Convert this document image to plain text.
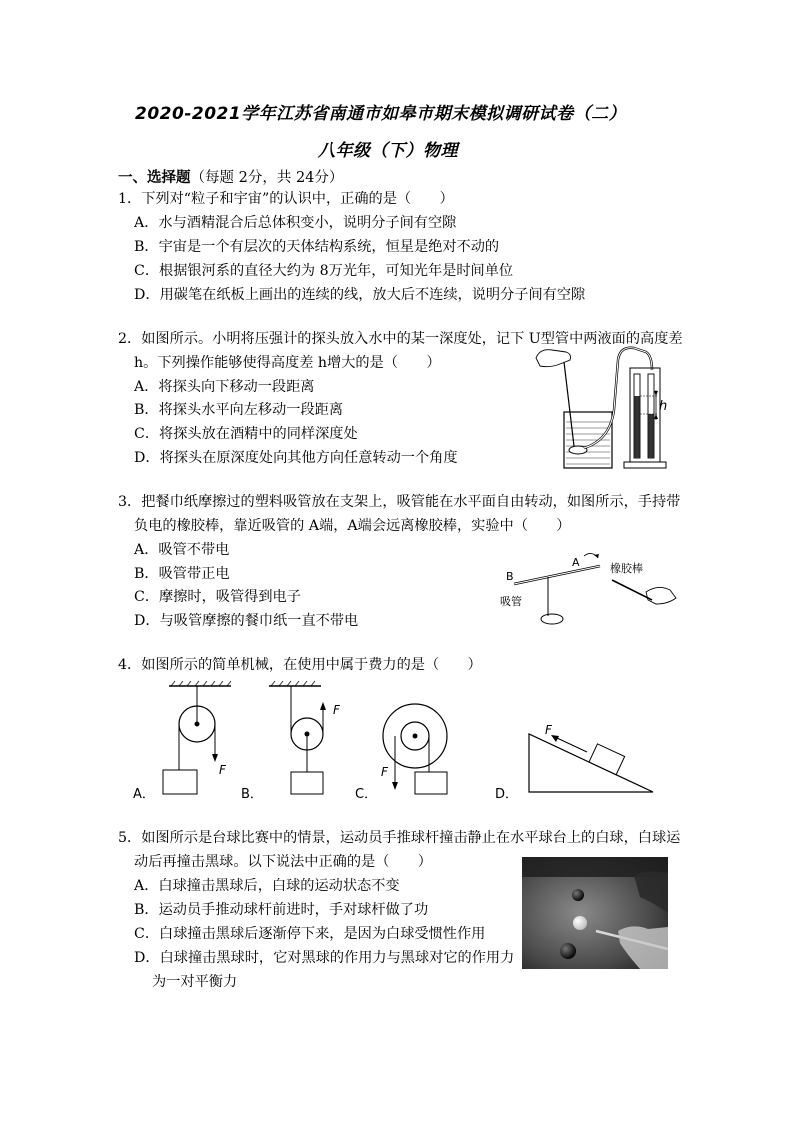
2020-2021学年江苏省南通市如皋市期末模拟调研试卷（二）
八年级（下）物理
一、选择题（每题 2分，共 24分）
1．下列对“粒子和宇宙”的认识中，正确的是（　　）
A．水与酒精混合后总体积变小，说明分子间有空隙
B．宇宙是一个有层次的天体结构系统，恒星是绝对不动的
C．根据银河系的直径大约为 8万光年，可知光年是时间单位
D．用碳笔在纸板上画出的连续的线，放大后不连续，说明分子间有空隙
2．如图所示。小明将压强计的探头放入水中的某一深度处，记下 U型管中两液面的高度差
h。下列操作能够使得高度差 h增大的是（　　）
A．将探头向下移动一段距离
B．将探头水平向左移动一段距离
C．将探头放在酒精中的同样深度处
D．将探头在原深度处向其他方向任意转动一个角度
h
3．把餐巾纸摩擦过的塑料吸管放在支架上，吸管能在水平面自由转动，如图所示，手持带
负电的橡胶棒，靠近吸管的 A端，A端会远离橡胶棒，实验中（　　）
A．吸管不带电
B．吸管带正电
C．摩擦时，吸管得到电子
D．与吸管摩擦的餐巾纸一直不带电
A
B
吸管
橡胶棒
4．如图所示的简单机械，在使用中属于费力的是（　　）
F
A．
F
B．
F
C．
F
D．
5．如图所示是台球比赛中的情景，运动员手推球杆撞击静止在水平球台上的白球，白球运
动后再撞击黑球。以下说法中正确的是（　　）
A．白球撞击黑球后，白球的运动状态不变
B．运动员手推动球杆前进时，手对球杆做了功
C．白球撞击黑球后逐渐停下来，是因为白球受惯性作用
D．白球撞击黑球时，它对黑球的作用力与黑球对它的作用力
为一对平衡力
